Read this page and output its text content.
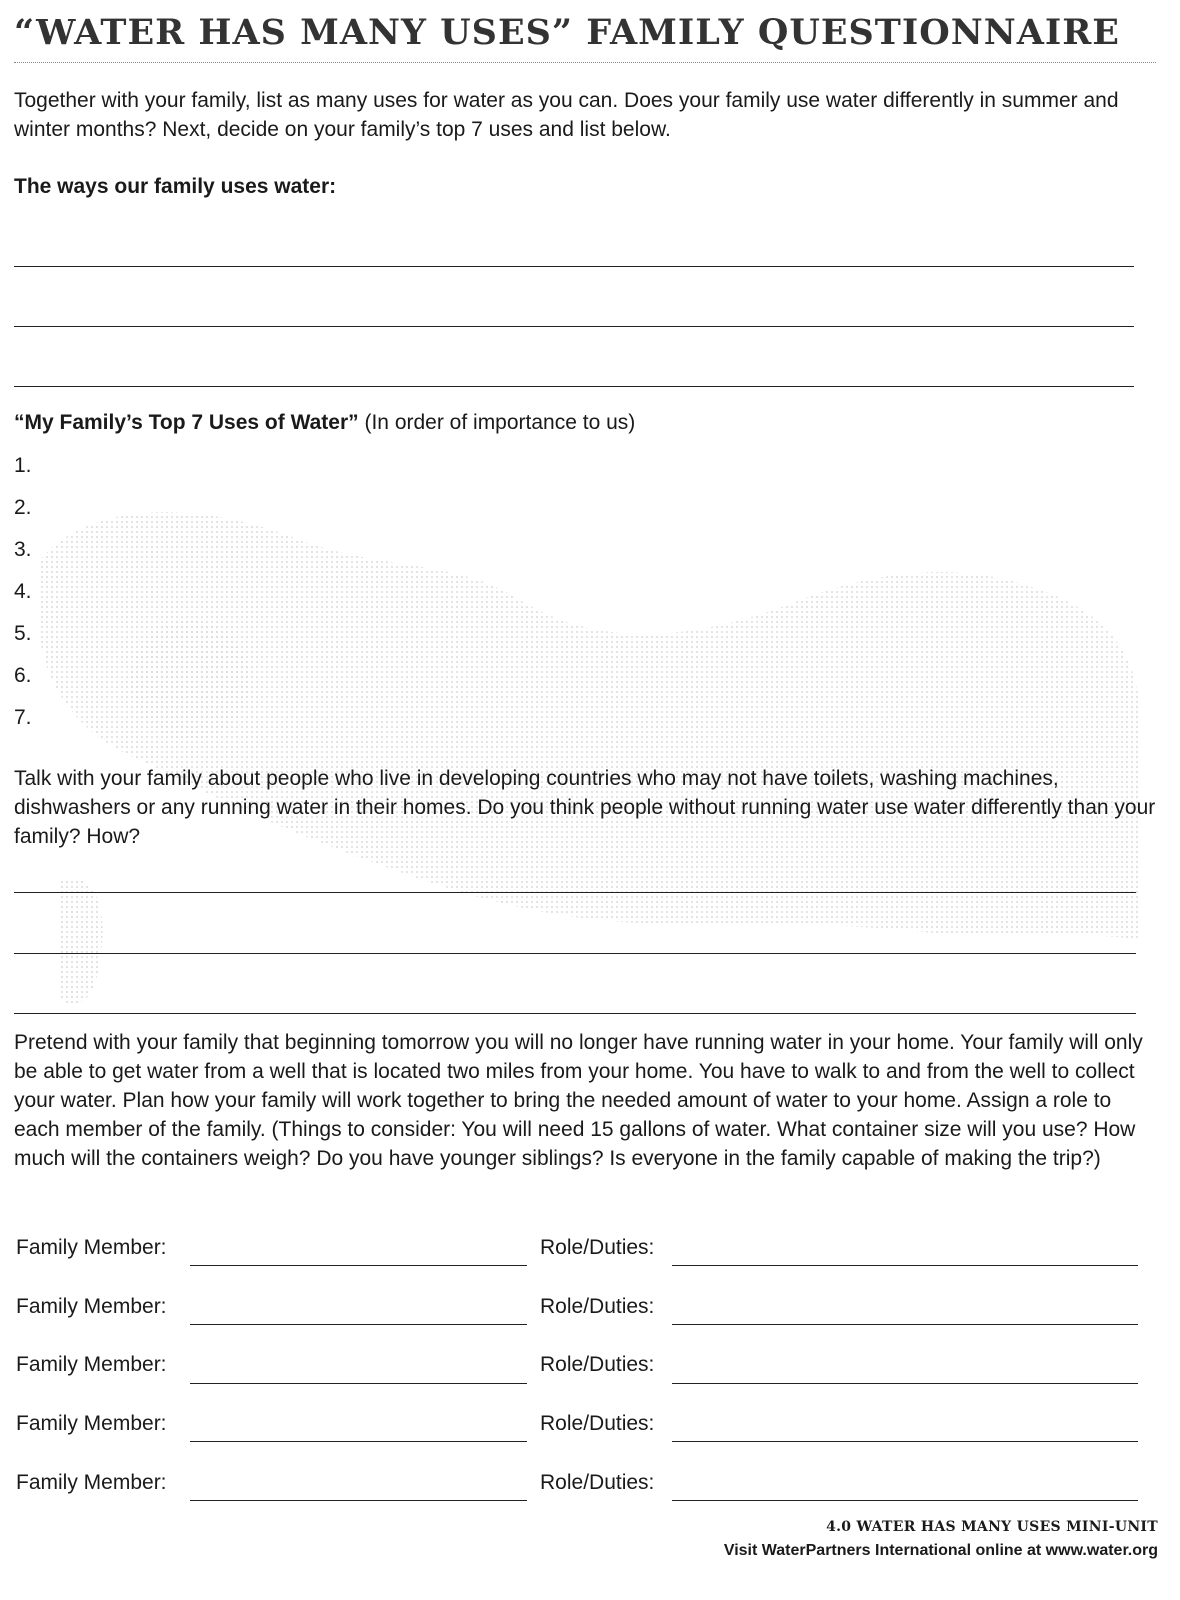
“WATER HAS MANY USES” FAMILY QUESTIONNAIRE
Together with your family, list as many uses for water as you can. Does your family use water differently in summer and winter months? Next, decide on your family’s top 7 uses and list below.
The ways our family uses water:
“My Family’s Top 7 Uses of Water” (In order of importance to us)
1.
2.
3.
4.
5.
6.
7.
Talk with your family about people who live in developing countries who may not have toilets, washing machines, dishwashers or any running water in their homes. Do you think people without running water use water differently than your family? How?
Pretend with your family that beginning tomorrow you will no longer have running water in your home. Your family will only be able to get water from a well that is located two miles from your home. You have to walk to and from the well to collect your water. Plan how your family will work together to bring the needed amount of water to your home. Assign a role to each member of the family. (Things to consider: You will need 15 gallons of water. What container size will you use? How much will the containers weigh? Do you have younger siblings? Is everyone in the family capable of making the trip?)
Family Member:	Role/Duties:
Family Member:	Role/Duties:
Family Member:	Role/Duties:
Family Member:	Role/Duties:
Family Member:	Role/Duties:
4.0 WATER HAS MANY USES MINI-UNIT
Visit WaterPartners International online at www.water.org
